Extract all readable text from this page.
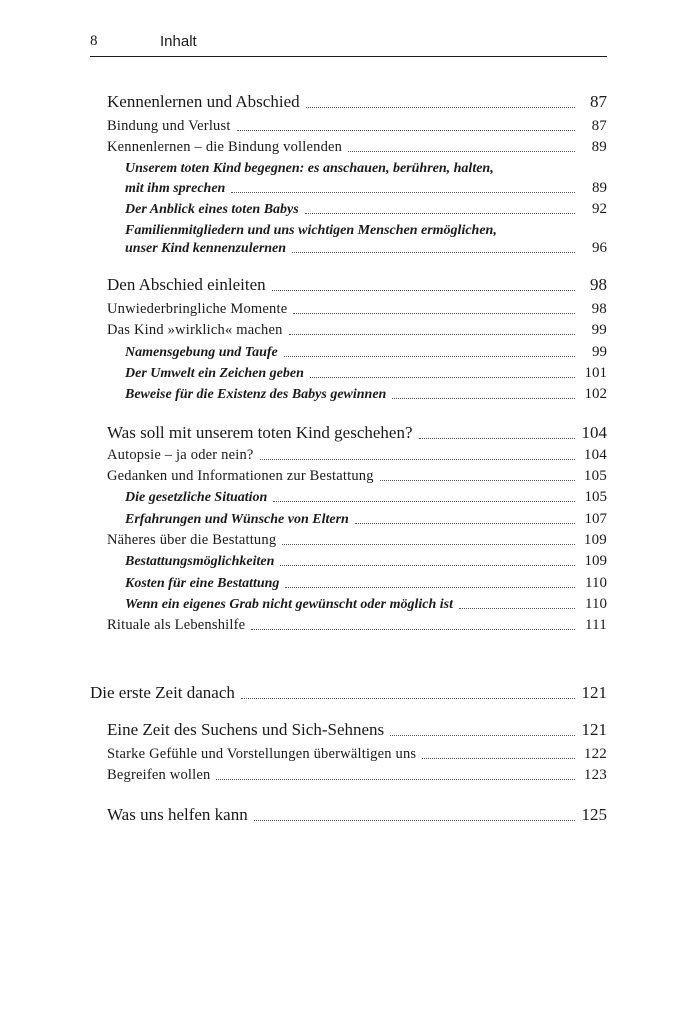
8	Inhalt
Kennenlernen und Abschied	87
Bindung und Verlust	87
Kennenlernen – die Bindung vollenden	89
Unserem toten Kind begegnen: es anschauen, berühren, halten,
mit ihm sprechen	89
Der Anblick eines toten Babys	92
Familienmitgliedern und uns wichtigen Menschen ermöglichen,
unser Kind kennenzulernen	96
Den Abschied einleiten	98
Unwiederbringliche Momente	98
Das Kind »wirklich« machen	99
Namensgebung und Taufe	99
Der Umwelt ein Zeichen geben	101
Beweise für die Existenz des Babys gewinnen	102
Was soll mit unserem toten Kind geschehen?	104
Autopsie – ja oder nein?	104
Gedanken und Informationen zur Bestattung	105
Die gesetzliche Situation	105
Erfahrungen und Wünsche von Eltern	107
Näheres über die Bestattung	109
Bestattungsmöglichkeiten	109
Kosten für eine Bestattung	110
Wenn ein eigenes Grab nicht gewünscht oder möglich ist	110
Rituale als Lebenshilfe	111
Die erste Zeit danach	121
Eine Zeit des Suchens und Sich-Sehnens	121
Starke Gefühle und Vorstellungen überwältigen uns	122
Begreifen wollen	123
Was uns helfen kann	125
